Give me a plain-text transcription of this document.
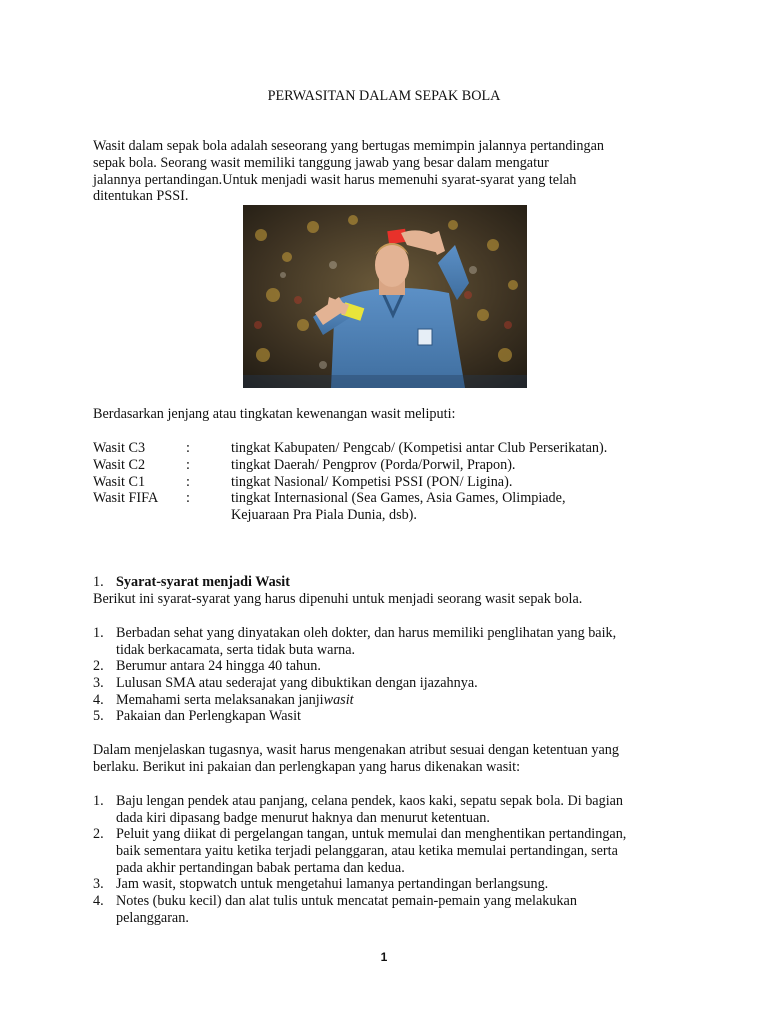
PERWASITAN DALAM SEPAK BOLA
Wasit dalam sepak bola adalah seseorang yang bertugas memimpin jalannya pertandingan
sepak bola. Seorang wasit memiliki tanggung jawab yang besar dalam mengatur
jalannya pertandingan.Untuk menjadi wasit harus memenuhi syarat-syarat yang telah
ditentukan PSSI.
Berdasarkan jenjang atau tingkatan kewenangan wasit meliputi:
Wasit C3	:	tingkat Kabupaten/ Pengcab/ (Kompetisi antar Club Perserikatan).
Wasit C2	:	tingkat Daerah/ Pengprov (Porda/Porwil, Prapon).
Wasit C1	:	tingkat Nasional/ Kompetisi PSSI (PON/ Ligina).
Wasit FIFA	:	tingkat Internasional (Sea Games, Asia Games, Olimpiade,
Kejuaraan Pra Piala Dunia, dsb).
1. Syarat-syarat menjadi Wasit
Berikut ini syarat-syarat yang harus dipenuhi untuk menjadi seorang wasit sepak bola.
1. Berbadan sehat yang dinyatakan oleh dokter, dan harus memiliki penglihatan yang baik,
tidak berkacamata, serta tidak buta warna.
2. Berumur antara 24 hingga 40 tahun.
3. Lulusan SMA atau sederajat yang dibuktikan dengan ijazahnya.
4. Memahami serta melaksanakan janjiwasit
5. Pakaian dan Perlengkapan Wasit
Dalam menjelaskan tugasnya, wasit harus mengenakan atribut sesuai dengan ketentuan yang
berlaku. Berikut ini pakaian dan perlengkapan yang harus dikenakan wasit:
1. Baju lengan pendek atau panjang, celana pendek, kaos kaki, sepatu sepak bola. Di bagian
dada kiri dipasang badge menurut haknya dan menurut ketentuan.
2. Peluit yang diikat di pergelangan tangan, untuk memulai dan menghentikan pertandingan,
baik sementara yaitu ketika terjadi pelanggaran, atau ketika memulai pertandingan, serta
pada akhir pertandingan babak pertama dan kedua.
3. Jam wasit, stopwatch untuk mengetahui lamanya pertandingan berlangsung.
4. Notes (buku kecil) dan alat tulis untuk mencatat pemain-pemain yang melakukan
pelanggaran.
1
